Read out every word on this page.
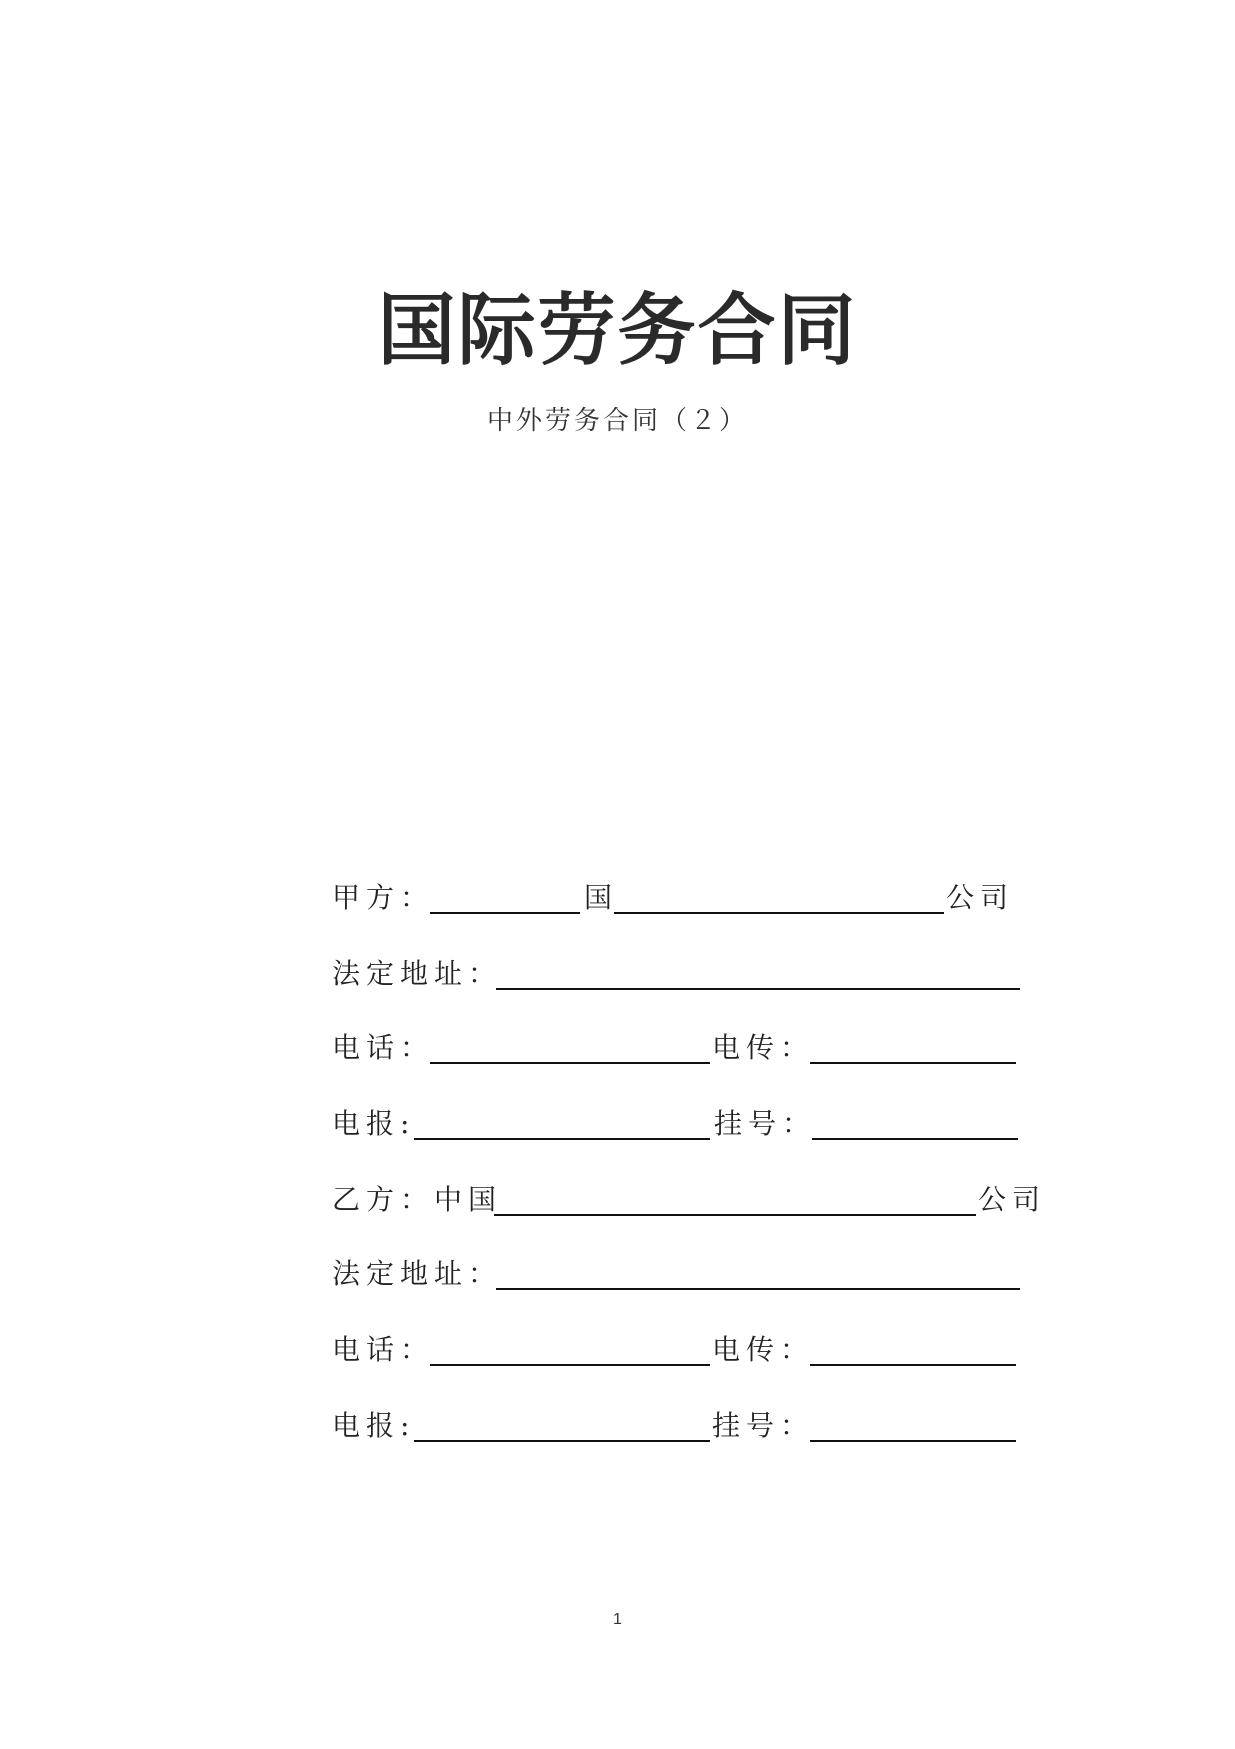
国际劳务合同
中外劳务合同（２）
甲方：	国	公司
法定地址：
电话：	电传：
电报:	挂号：
乙方：中国	公司
法定地址：
电话：	电传：
电报:	挂号：
1
